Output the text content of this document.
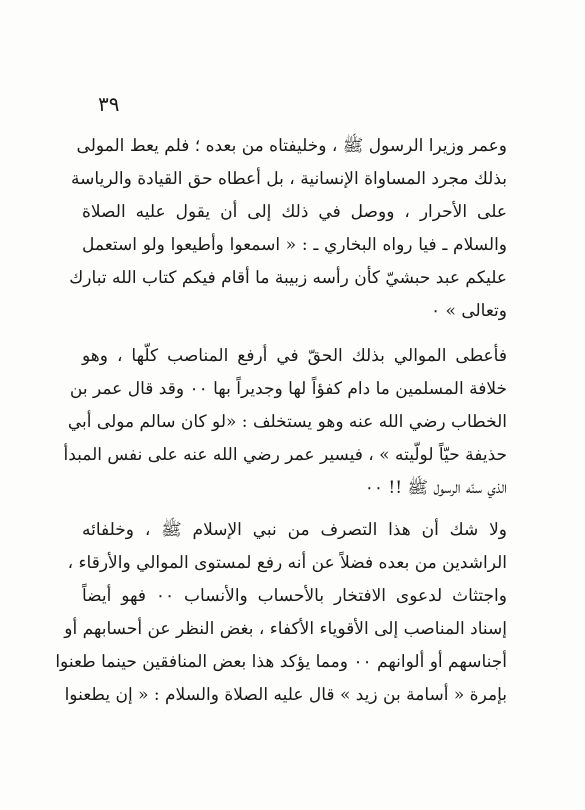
٣٩
وعمر وزيرا الرسول ﷺ ، وخليفتاه من بعده ؛ فلم يعط المولى
بذلك مجرد المساواة الإنسانية ، بل أعطاه حق القيادة والرياسة
على الأحرار ، ووصل في ذلك إلى أن يقول عليه الصلاة
والسلام ـ فيا رواه البخاري ـ : « اسمعوا وأطيعوا ولو استعمل
عليكم عبد حبشيّ كأن رأسه زبيبة ما أقام فيكم كتاب الله تبارك
وتعالى » ٠
فأعطى الموالي بذلك الحقّ في أرفع المناصب كلّها ، وهو
خلافة المسلمين ما دام كفؤاً لها وجديراً بها ٠٠ وقد قال عمر بن
الخطاب رضي الله عنه وهو يستخلف : «لو كان سالم مولى أبي
حذيفة حيّاً لولّيته » ، فيسير عمر رضي الله عنه على نفس المبدأ
الذي سنّه الرسول ﷺ !! ٠٠
ولا شك أن هذا التصرف من نبي الإسلام ﷺ ، وخلفائه
الراشدين من بعده فضلاً عن أنه رفع لمستوى الموالي والأرقاء ،
واجتثاث لدعوى الافتخار بالأحساب والأنساب ٠٠ فهو أيضاً
إسناد المناصب إلى الأقوياء الأكفاء ، بغض النظر عن أحسابهم أو
أجناسهم أو ألوانهم ٠٠ ومما يؤكد هذا بعض المنافقين حينما طعنوا
بإمرة « أسامة بن زيد » قال عليه الصلاة والسلام : « إن يطعنوا
